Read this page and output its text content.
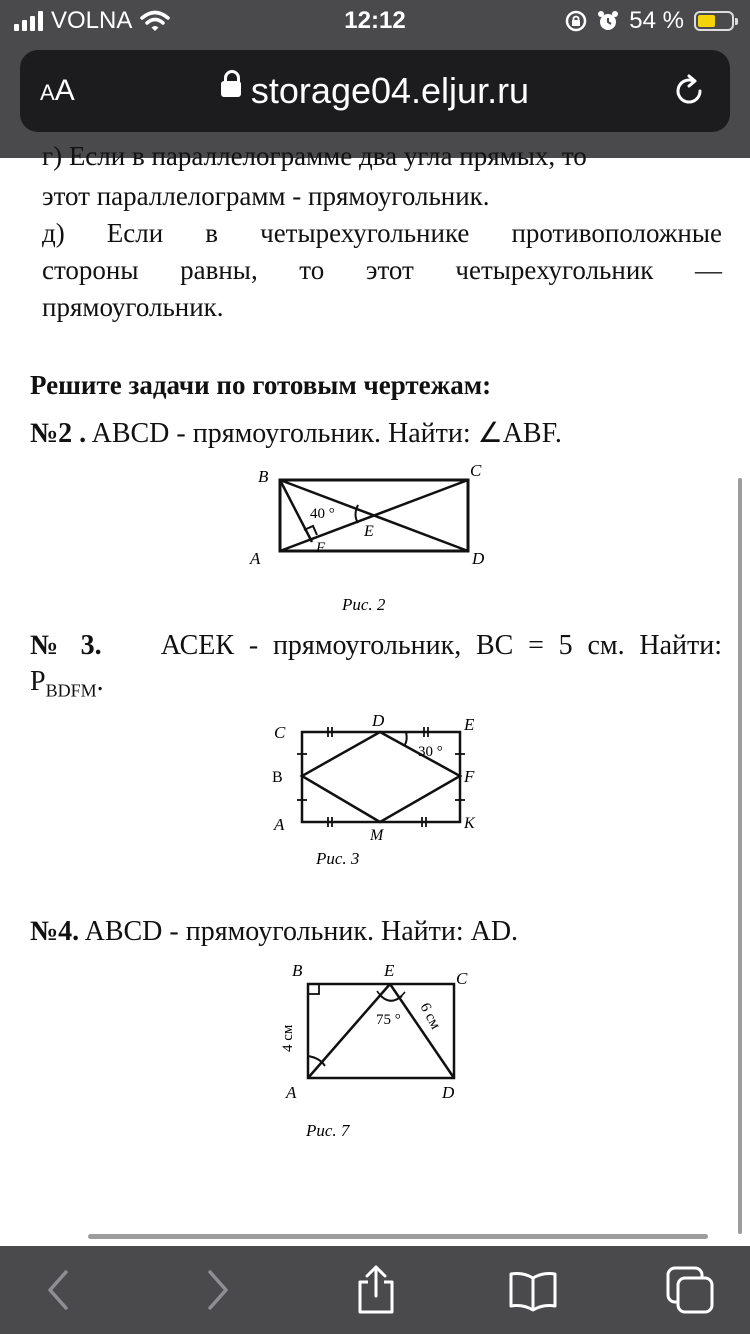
VOLNA	12:12	54 %
AA	storage04.eljur.ru
г) Если в параллелограмме два угла прямых, то
этот параллелограмм - прямоугольник.
д) Если в четырехугольнике противоположные
стороны равны, то этот четырехугольник —
прямоугольник.
Решите задачи по готовым чертежам:
№2 . ABCD - прямоугольник. Найти: ∠ABF.
B	C
A	D
E
F
40 °
Рис. 2
№ 3. АСЕК - прямоугольник, ВС = 5 см. Найти:
$P_{BDFM}$.
C
D	E
B	F
A
M
K
30 °
Рис. 3
№4. ABCD - прямоугольник. Найти: AD.
B	E	C
A	D
75 °
4 см
6 см
Рис. 7
